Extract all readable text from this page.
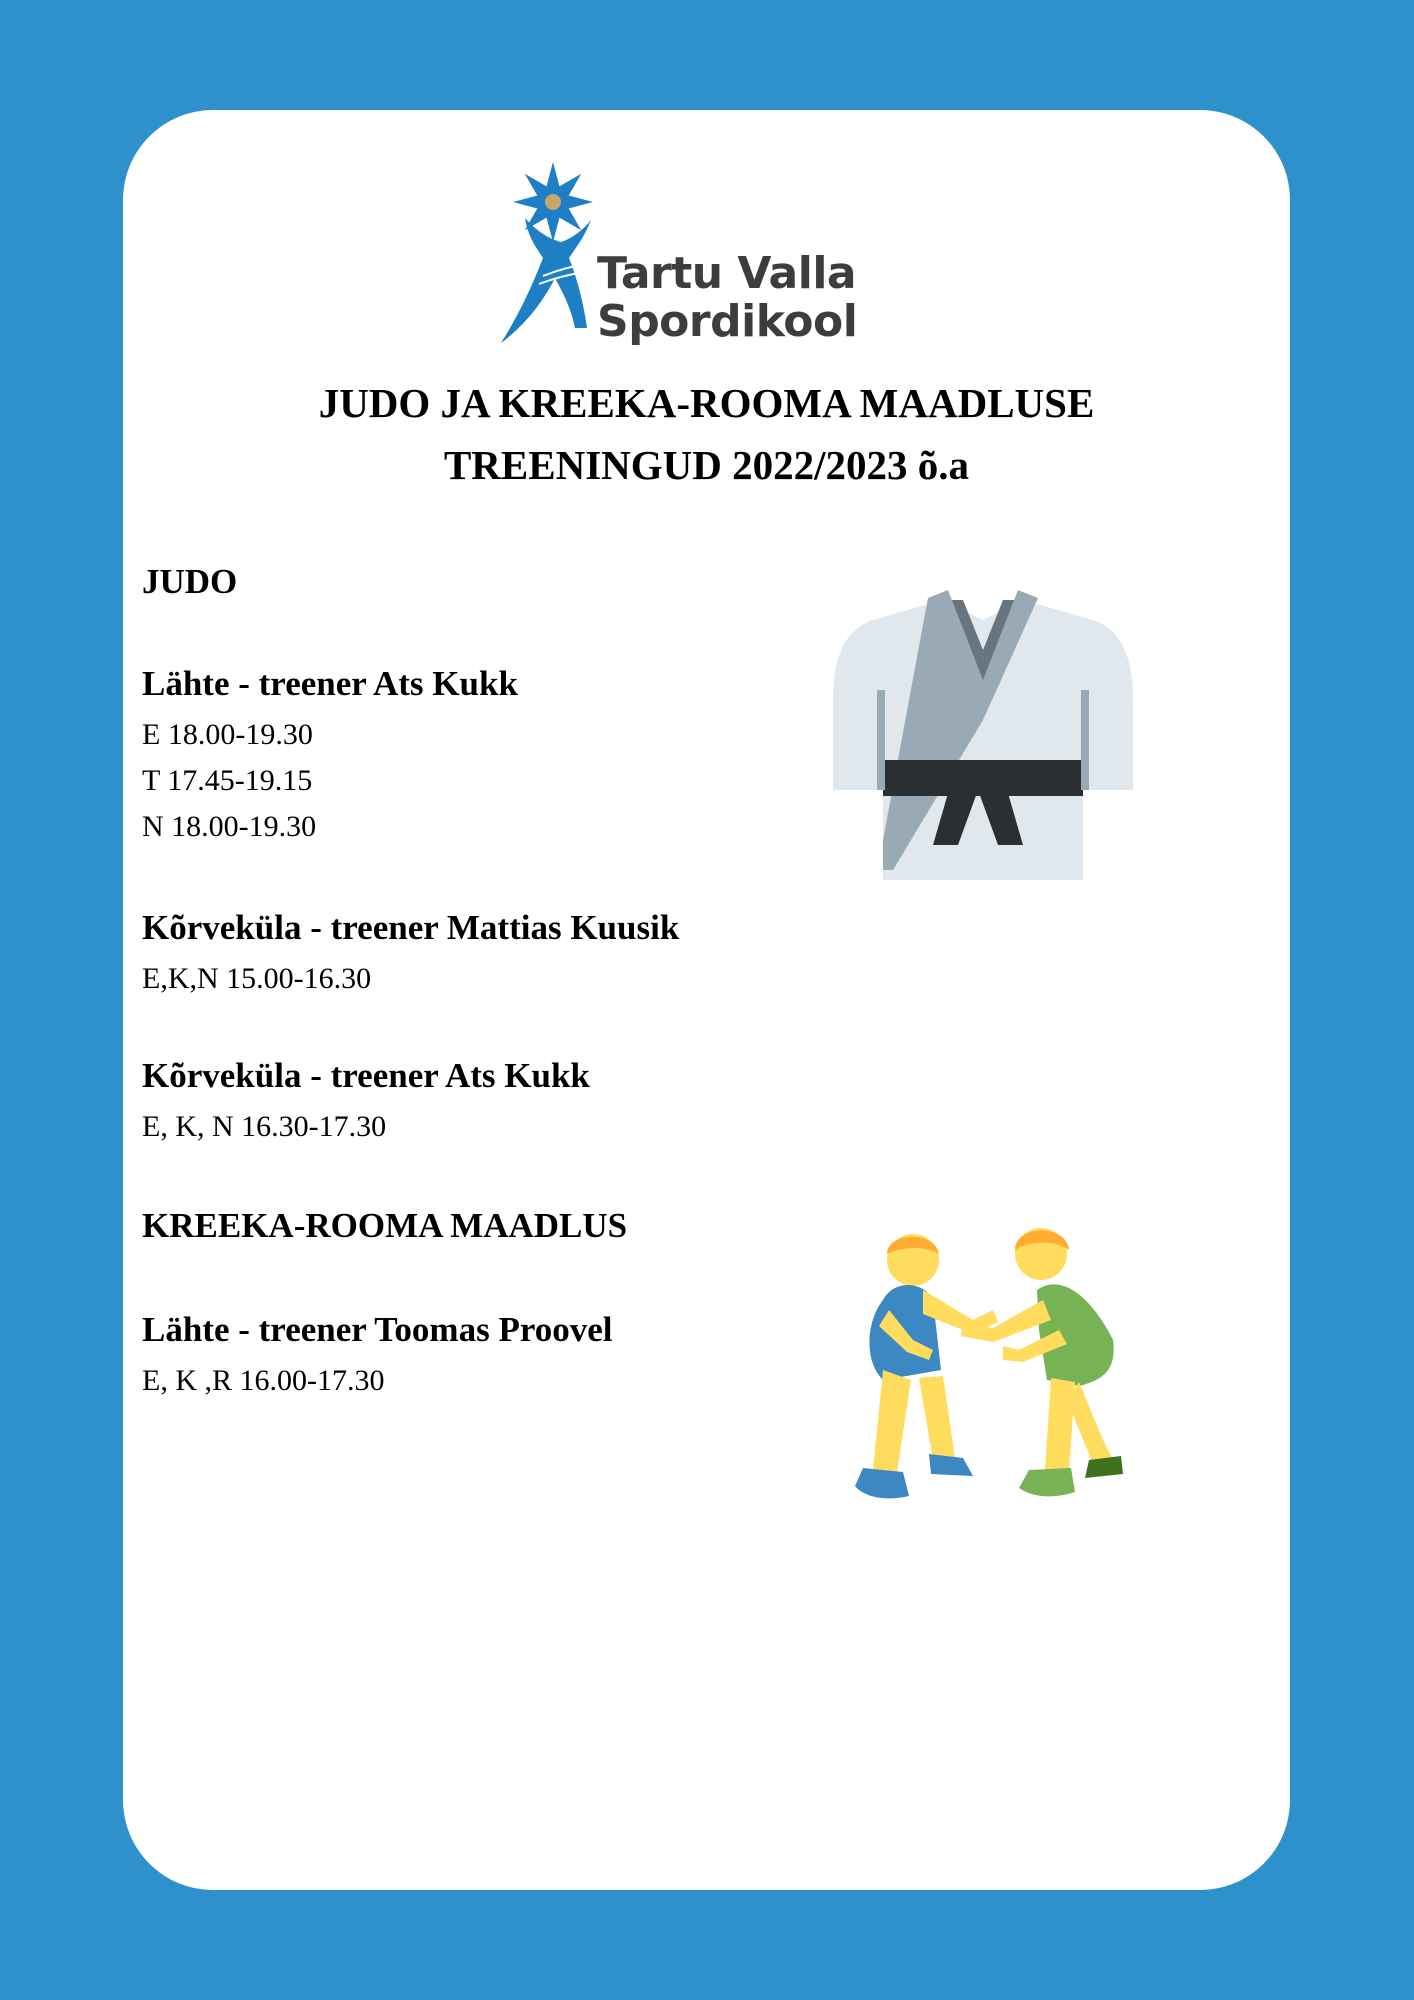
Tartu Valla
Spordikool
JUDO JA KREEKA-ROOMA MAADLUSE
TREENINGUD 2022/2023 õ.a
JUDO
Lähte - treener Ats Kukk
E 18.00-19.30
T 17.45-19.15
N 18.00-19.30
Kõrveküla - treener Mattias Kuusik
E,K,N 15.00-16.30
Kõrveküla - treener Ats Kukk
E, K, N 16.30-17.30
KREEKA-ROOMA MAADLUS
Lähte - treener Toomas Proovel
E, K ,R 16.00-17.30
